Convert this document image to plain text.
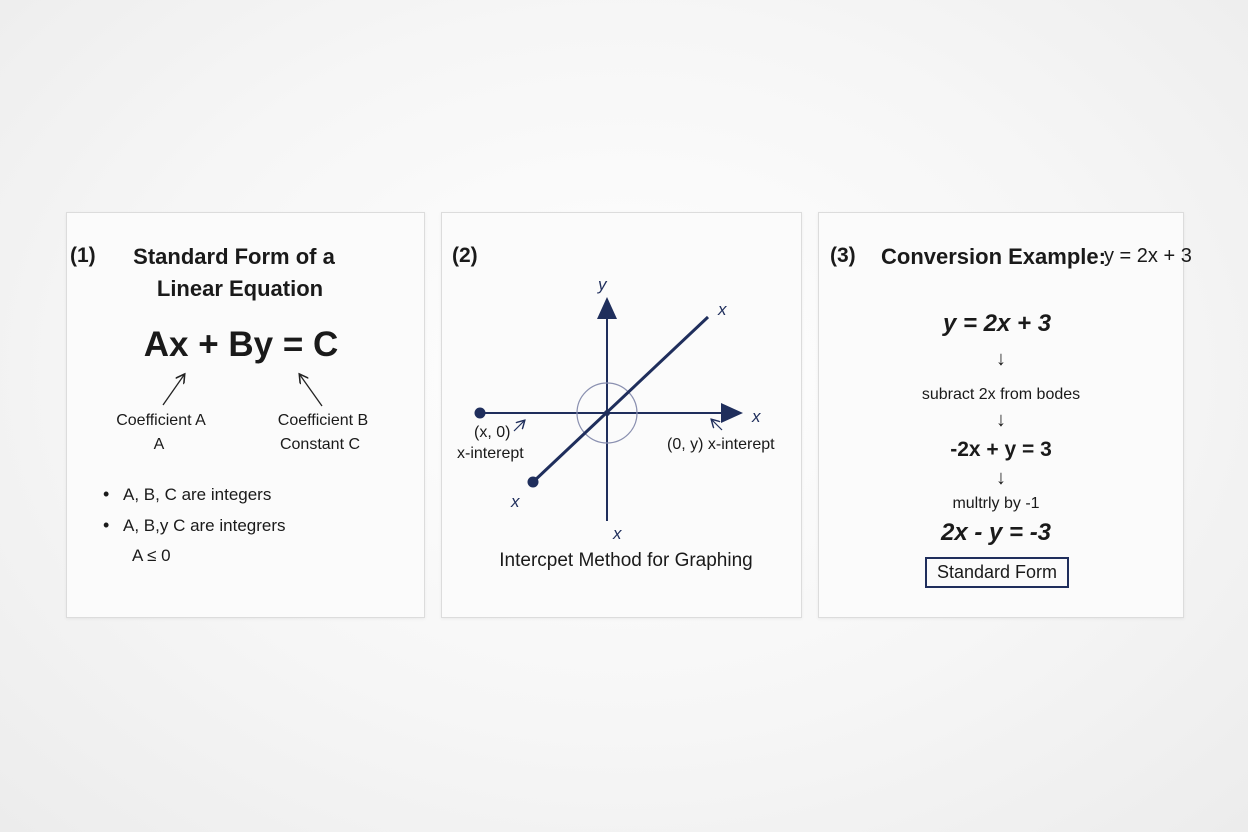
(1) Standard Form of a
Linear Equation
Ax + By = C
Coefficient A
A
Coefficient B
Constant C
• A, B, C are integers
• A, B,y C are integrers
A ≤ 0
(2)
y
x
x
x
x
(x, 0)
x-interept
(0, y) x-interept
Intercpet Method for Graphing
(3) Conversion Example:
y = 2x + 3
y = 2x + 3
↓
subract 2x from bodes
↓
-2x + y = 3
↓
multrly by -1
2x - y = -3
Standard Form
